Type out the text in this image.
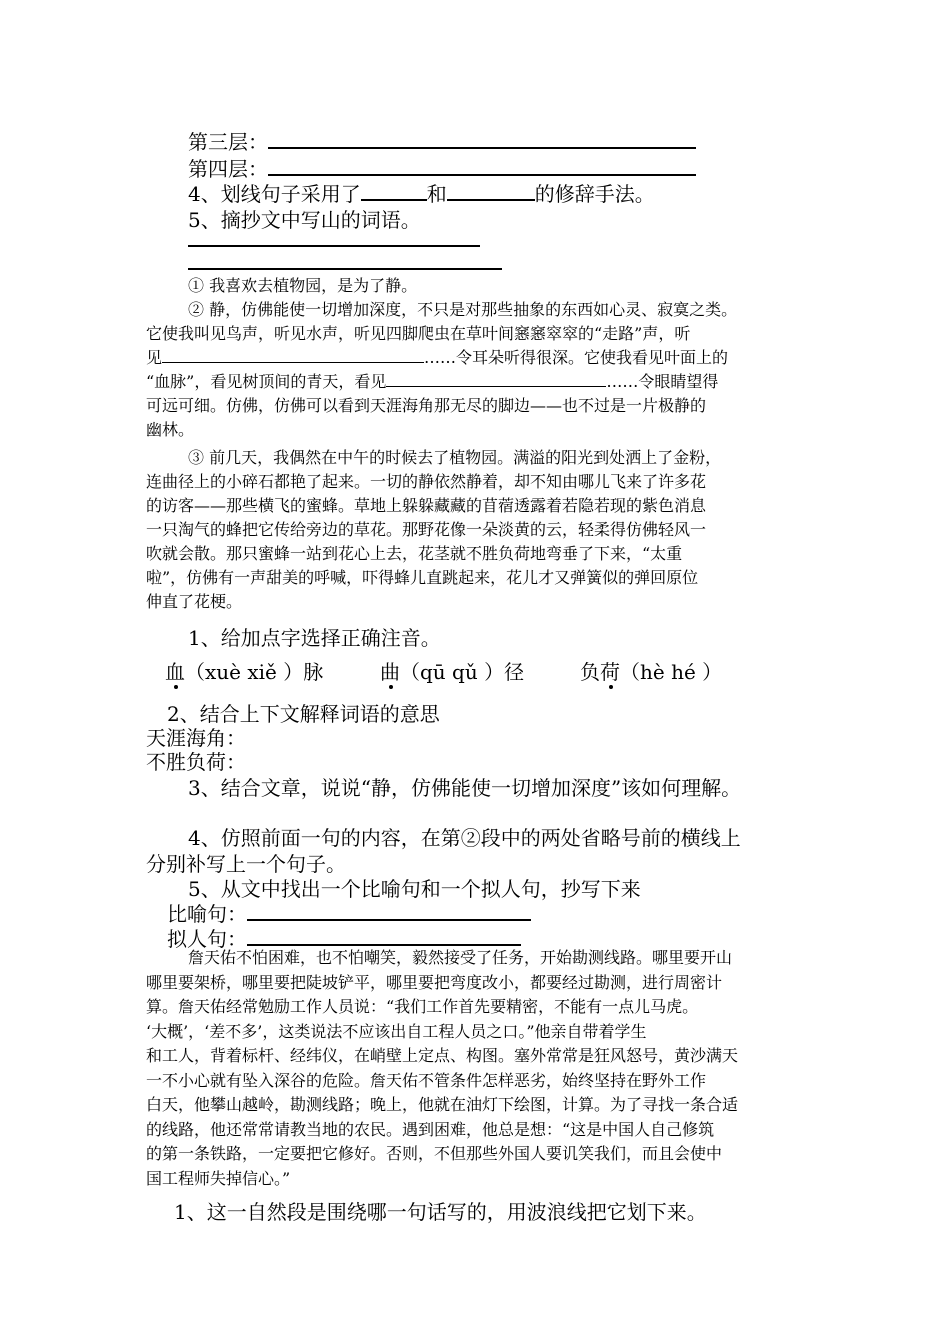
第三层：
第四层：
4、划线句子采用了	和	的修辞手法。
5、摘抄文中写山的词语。
① 我喜欢去植物园，是为了静。
② 静，仿佛能使一切增加深度，不只是对那些抽象的东西如心灵、寂寞之类。
它使我叫见鸟声，听见水声，听见四脚爬虫在草叶间窸窸窣窣的“走路”声，听
见	……令耳朵听得很深。它使我看见叶面上的
“血脉”，看见树顶间的青天，看见	……令眼睛望得
可远可细。仿佛，仿佛可以看到天涯海角那无尽的脚边——也不过是一片极静的
幽林。
③ 前几天，我偶然在中午的时候去了植物园。满溢的阳光到处洒上了金粉，
连曲径上的小碎石都艳了起来。一切的静依然静着，却不知由哪儿飞来了许多花
的访客——那些横飞的蜜蜂。草地上躲躲藏藏的苜蓿透露着若隐若现的紫色消息
一只淘气的蜂把它传给旁边的草花。那野花像一朵淡黄的云，轻柔得仿佛轻风一
吹就会散。那只蜜蜂一站到花心上去，花茎就不胜负荷地弯垂了下来，“太重
啦”，仿佛有一声甜美的呼喊，吓得蜂儿直跳起来，花儿才又弹簧似的弹回原位
伸直了花梗。
1、给加点字选择正确注音。
血（xuè xiě ）脉	曲（qū qǔ ）径	负荷（hè hé ）
2、结合上下文解释词语的意思
天涯海角：
不胜负荷：
3、结合文章，说说“静，仿佛能使一切增加深度”该如何理解。
4、仿照前面一句的内容，在第②段中的两处省略号前的横线上
分别补写上一个句子。
5、从文中找出一个比喻句和一个拟人句，抄写下来
比喻句：
拟人句：
詹天佑不怕困难，也不怕嘲笑，毅然接受了任务，开始勘测线路。哪里要开山
哪里要架桥，哪里要把陡坡铲平，哪里要把弯度改小，都要经过勘测，进行周密计
算。詹天佑经常勉励工作人员说：“我们工作首先要精密，不能有一点儿马虎。
‘大概’，‘差不多’，这类说法不应该出自工程人员之口。”他亲自带着学生
和工人，背着标杆、经纬仪，在峭壁上定点、构图。塞外常常是狂风怒号，黄沙满天
一不小心就有坠入深谷的危险。詹天佑不管条件怎样恶劣，始终坚持在野外工作
白天，他攀山越岭，勘测线路；晚上，他就在油灯下绘图，计算。为了寻找一条合适
的线路，他还常常请教当地的农民。遇到困难，他总是想：“这是中国人自己修筑
的第一条铁路，一定要把它修好。否则，不但那些外国人要讥笑我们，而且会使中
国工程师失掉信心。”
1、这一自然段是围绕哪一句话写的，用波浪线把它划下来。
